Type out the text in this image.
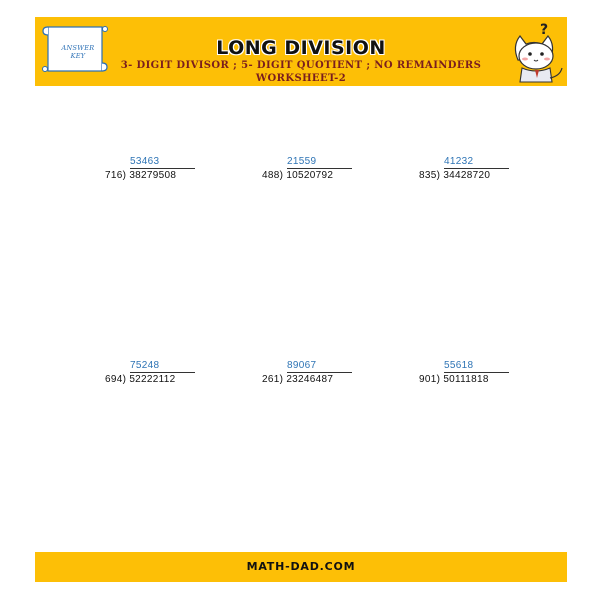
ANSWER
KEY	LONG DIVISION
3- DIGIT DIVISOR ; 5- DIGIT QUOTIENT ; NO REMAINDERS
WORKSHEET-2
?
53463
716) 38279508
21559
488) 10520792
41232
835) 34428720
75248
694) 52222112
89067
261) 23246487
55618
901) 50111818
MATH-DAD.COM
